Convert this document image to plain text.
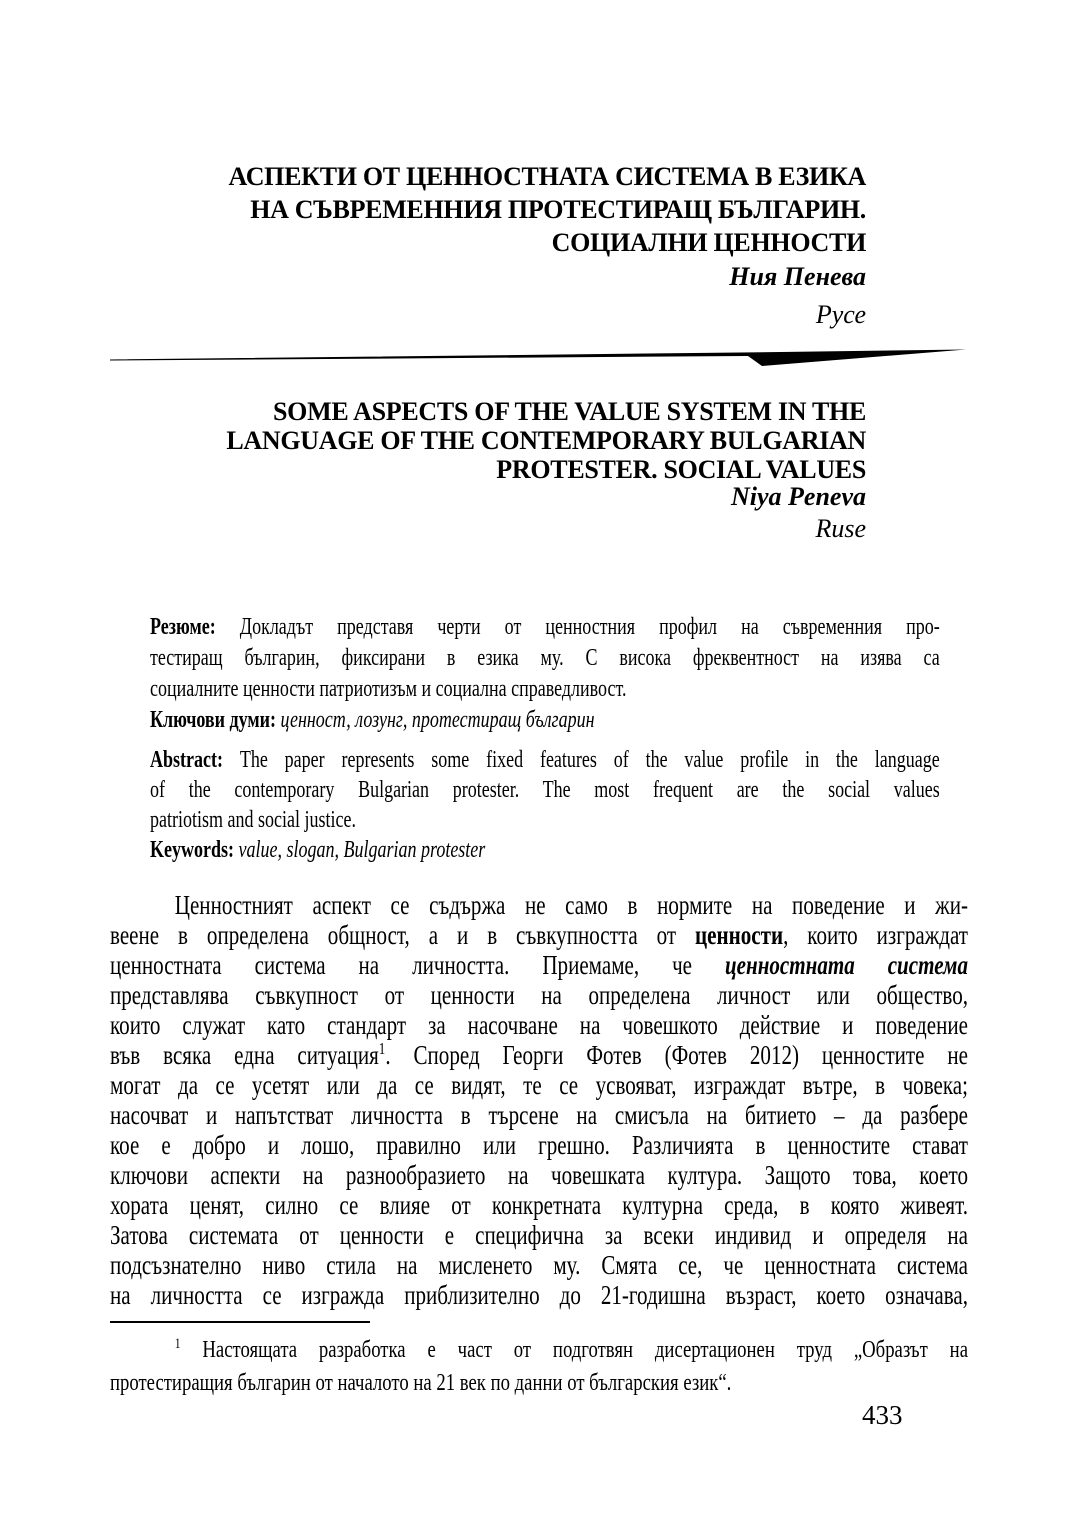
АСПЕКТИ ОТ ЦЕННОСТНАТА СИСТЕМА В ЕЗИКА
НА СЪВРЕМЕННИЯ ПРОТЕСТИРАЩ БЪЛГАРИН.
СОЦИАЛНИ ЦЕННОСТИ
Ния Пенева
Русе
SOME ASPECTS OF THE VALUE SYSTEM IN THE
LANGUAGE OF THE CONTEMPORARY BULGARIAN
PROTESTER. SOCIAL VALUES
Niya Peneva
Ruse
Резюме: Докладът представя черти от ценностния профил на съвременния про-
тестиращ българин, фиксирани в езика му. С висока фреквентност на изява са
социалните ценности патриотизъм и социална справедливост.
Ключови думи: ценност, лозунг, протестиращ българин
Abstract: The paper represents some fixed features of the value profile in the language
of the contemporary Bulgarian protester. The most frequent are the social values
patriotism and social justice.
Keywords: value, slogan, Bulgarian protester
Ценностният аспект се съдържа не само в нормите на поведение и жи-
веене в определена общност, а и в съвкупността от ценности, които изграждат
ценностната система на личността. Приемаме, че ценностната система
представлява съвкупност от ценности на определена личност или общество,
които служат като стандарт за насочване на човешкото действие и поведение
във всяка една ситуация$^1$. Според Георги Фотев (Фотев 2012) ценностите не
могат да се усетят или да се видят, те се усвояват, изграждат вътре, в човека;
насочват и напътстват личността в търсене на смисъла на битието – да разбере
кое е добро и лошо, правилно или грешно. Различията в ценностите стават
ключови аспекти на разнообразието на човешката култура. Защото това, което
хората ценят, силно се влияе от конкретната културна среда, в която живеят.
Затова системата от ценности е специфична за всеки индивид и определя на
подсъзнателно ниво стила на мисленето му. Смята се, че ценностната система
на личността се изгражда приблизително до 21-годишна възраст, което означава,
$^1$ Настоящата разработка е част от подготвян дисертационен труд „Образът на
протестиращия българин от началото на 21 век по данни от българския език“.
433
